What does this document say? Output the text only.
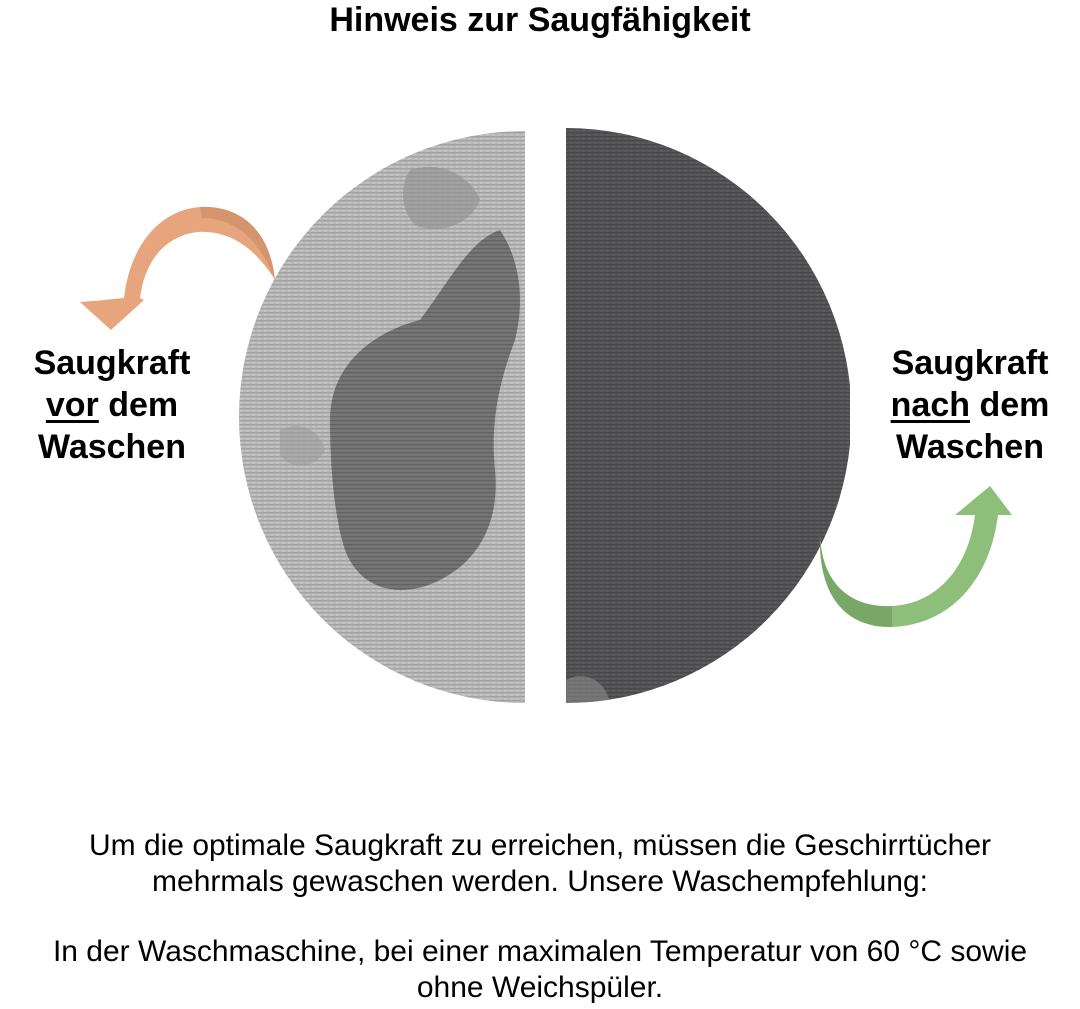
Hinweis zur Saugfähigkeit
Saugkraft
vor dem
Waschen
Saugkraft
nach dem
Waschen
Um die optimale Saugkraft zu erreichen, müssen die Geschirrtücher
mehrmals gewaschen werden. Unsere Waschempfehlung:
In der Waschmaschine, bei einer maximalen Temperatur von 60 °C sowie
ohne Weichspüler.
